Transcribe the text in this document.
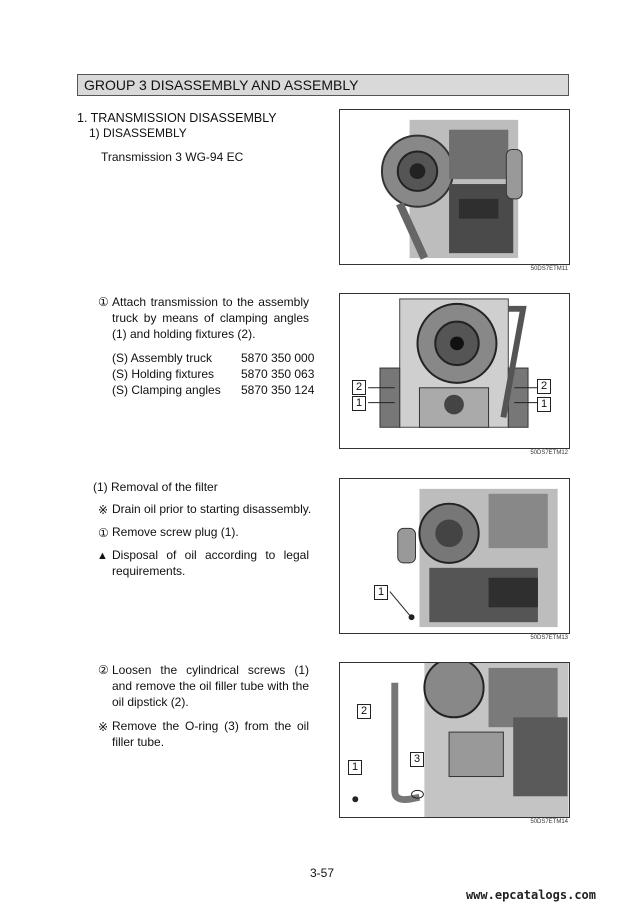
GROUP 3 DISASSEMBLY AND ASSEMBLY
1. TRANSMISSION DISASSEMBLY
1) DISASSEMBLY
Transmission 3 WG-94 EC
50DS7ETM11
① Attach transmission to the assembly truck by means of clamping angles (1) and holding fixtures (2).
(S) Assembly truck	5870 350 000
(S) Holding fixtures	5870 350 063
(S) Clamping angles	5870 350 124	2
1
2
1
50DS7ETM12
(1) Removal of the filter
※ Drain oil prior to starting disassembly.
① Remove screw plug (1).
▲ Disposal of oil according to legal requirements.
1
50DS7ETM13
② Loosen the cylindrical screws (1) and remove the oil filler tube with the oil dipstick (2).
※ Remove the O-ring (3) from the oil filler tube.
2
1
3
50DS7ETM14
3-57
www.epcatalogs.com
